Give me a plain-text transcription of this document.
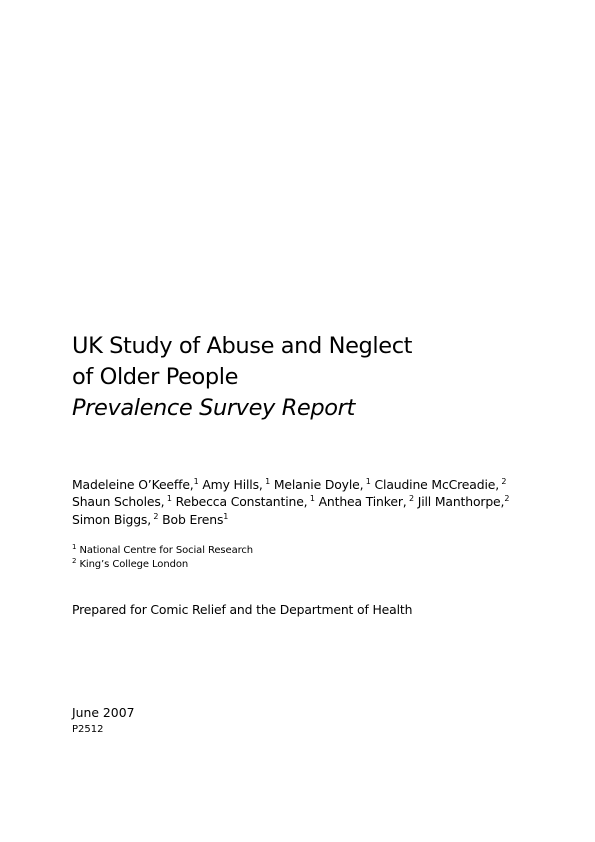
UK Study of Abuse and Neglect
of Older People
Prevalence Survey Report
Madeleine O’Keeffe,$^1$ Amy Hills, $^1$ Melanie Doyle, $^1$ Claudine McCreadie, $^2$
Shaun Scholes, $^1$ Rebecca Constantine, $^1$ Anthea Tinker, $^2$ Jill Manthorpe,$^2$
Simon Biggs, $^2$ Bob Erens$^1$
$^1$ National Centre for Social Research
$^2$ King’s College London
Prepared for Comic Relief and the Department of Health
June 2007
P2512
